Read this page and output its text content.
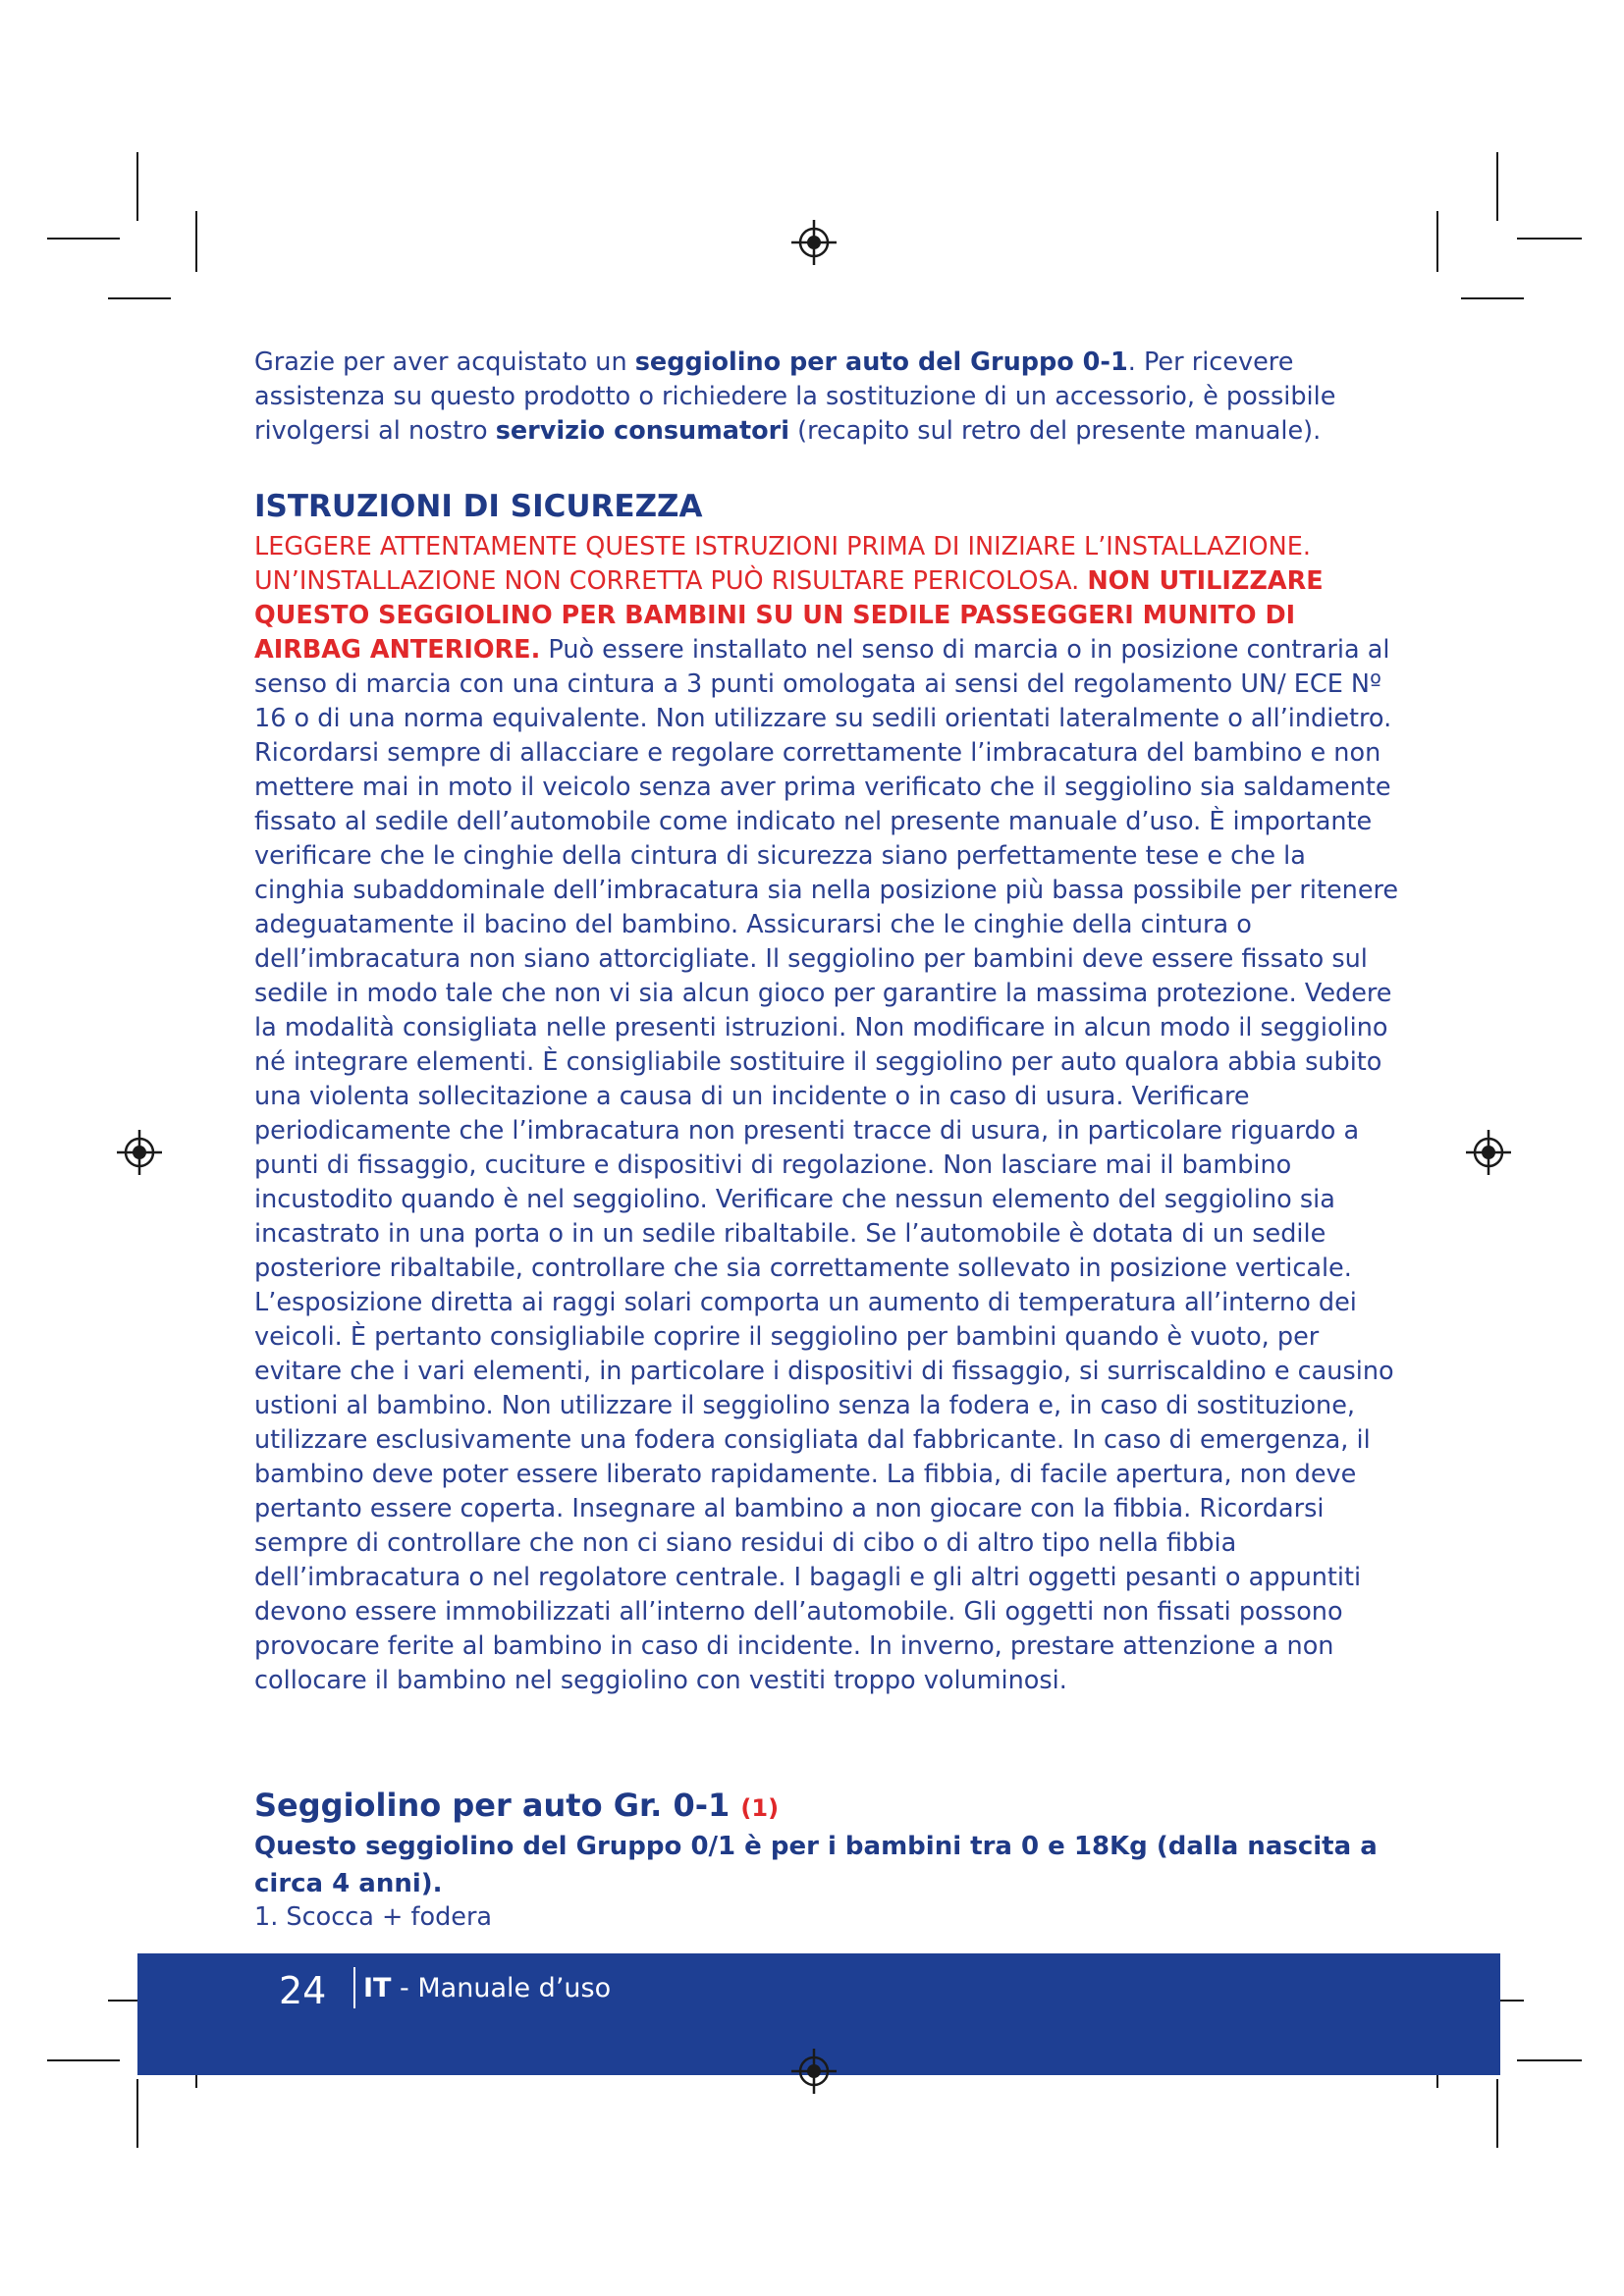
Grazie per aver acquistato un seggiolino per auto del Gruppo 0-1. Per ricevere assistenza su questo prodotto o richiedere la sostituzione di un accessorio, è possibile rivolgersi al nostro servizio consumatori (recapito sul retro del presente manuale).

ISTRUZIONI DI SICUREZZA

LEGGERE ATTENTAMENTE QUESTE ISTRUZIONI PRIMA DI INIZIARE L’INSTALLAZIONE. UN’INSTALLAZIONE NON CORRETTA PUÒ RISULTARE PERICOLOSA. NON UTILIZZARE QUESTO SEGGIOLINO PER BAMBINI SU UN SEDILE PASSEGGERI MUNITO DI AIRBAG ANTERIORE. Può essere installato nel senso di marcia o in posizione contraria al senso di marcia con una cintura a 3 punti omologata ai sensi del regolamento UN/ ECE Nº 16 o di una norma equivalente. Non utilizzare su sedili orientati lateralmente o all’indietro. Ricordarsi sempre di allacciare e regolare correttamente l’imbracatura del bambino e non mettere mai in moto il veicolo senza aver prima verificato che il seggiolino sia saldamente fissato al sedile dell’automobile come indicato nel presente manuale d’uso. È importante verificare che le cinghie della cintura di sicurezza siano perfettamente tese e che la cinghia subaddominale dell’imbracatura sia nella posizione più bassa possibile per ritenere adeguatamente il bacino del bambino. Assicurarsi che le cinghie della cintura o dell’imbracatura non siano attorcigliate. Il seggiolino per bambini deve essere fissato sul sedile in modo tale che non vi sia alcun gioco per garantire la massima protezione. Vedere la modalità consigliata nelle presenti istruzioni. Non modificare in alcun modo il seggiolino né integrare elementi. È consigliabile sostituire il seggiolino per auto qualora abbia subito una violenta sollecitazione a causa di un incidente o in caso di usura. Verificare periodicamente che l’imbracatura non presenti tracce di usura, in particolare riguardo a punti di fissaggio, cuciture e dispositivi di regolazione. Non lasciare mai il bambino incustodito quando è nel seggiolino. Verificare che nessun elemento del seggiolino sia incastrato in una porta o in un sedile ribaltabile. Se l’automobile è dotata di un sedile posteriore ribaltabile, controllare che sia correttamente sollevato in posizione verticale. L’esposizione diretta ai raggi solari comporta un aumento di temperatura all’interno dei veicoli. È pertanto consigliabile coprire il seggiolino per bambini quando è vuoto, per evitare che i vari elementi, in particolare i dispositivi di fissaggio, si surriscaldino e causino ustioni al bambino. Non utilizzare il seggiolino senza la fodera e, in caso di sostituzione, utilizzare esclusivamente una fodera consigliata dal fabbricante. In caso di emergenza, il bambino deve poter essere liberato rapidamente. La fibbia, di facile apertura, non deve pertanto essere coperta. Insegnare al bambino a non giocare con la fibbia. Ricordarsi sempre di controllare che non ci siano residui di cibo o di altro tipo nella fibbia dell’imbracatura o nel regolatore centrale. I bagagli e gli altri oggetti pesanti o appuntiti devono essere immobilizzati all’interno dell’automobile. Gli oggetti non fissati possono provocare ferite al bambino in caso di incidente. In inverno, prestare attenzione a non collocare il bambino nel seggiolino con vestiti troppo voluminosi.

Seggiolino per auto Gr. 0-1 (1)

Questo seggiolino del Gruppo 0/1 è per i bambini tra 0 e 18Kg (dalla nascita a circa 4 anni).

1. Scocca + fodera

24 IT - Manuale d’uso
